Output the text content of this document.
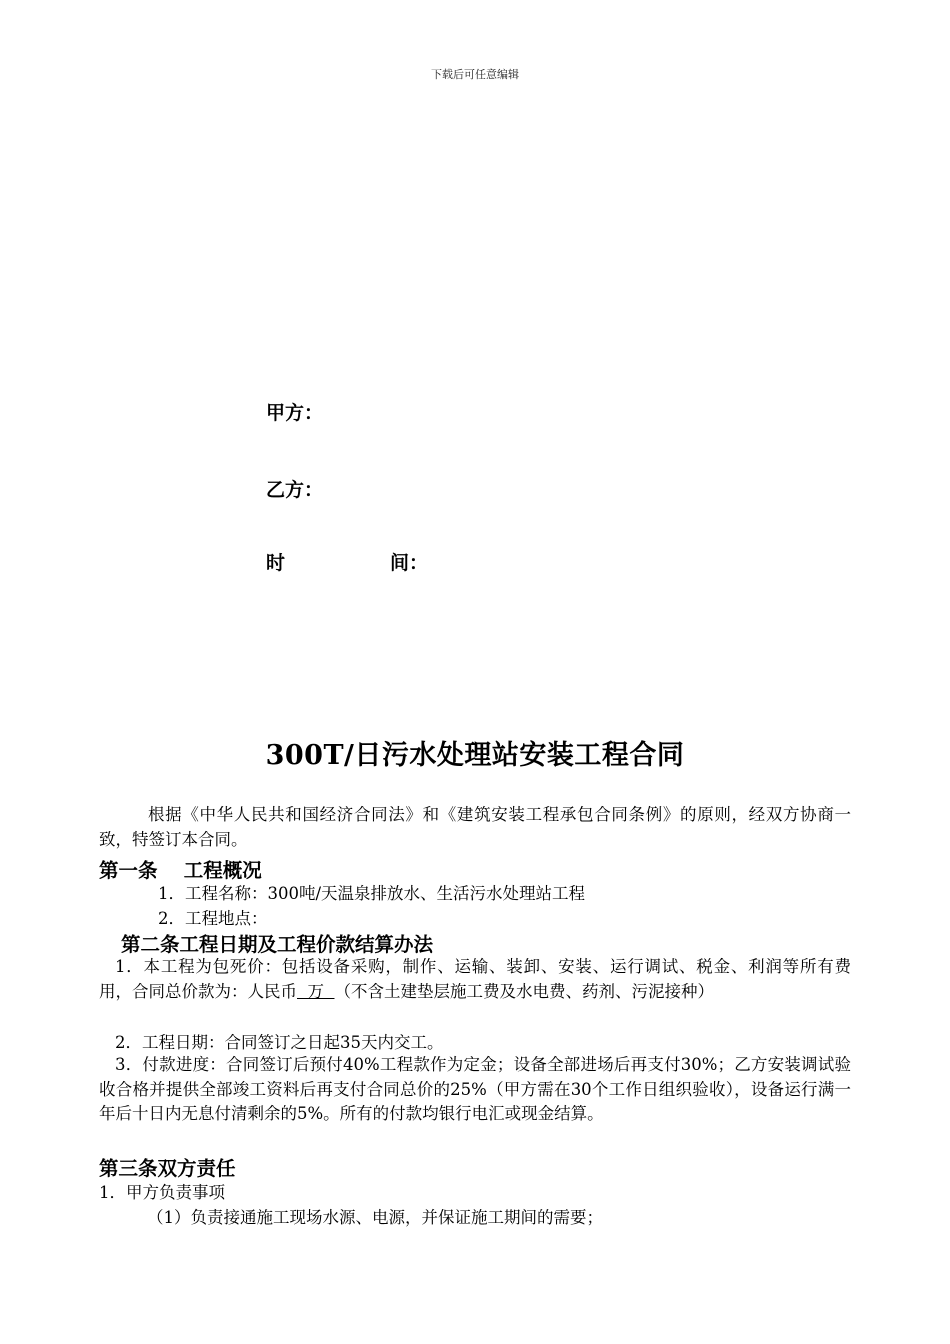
下载后可任意编辑
甲方：
乙方：
时	间：
300T/日污水处理站安装工程合同
根据《中华人民共和国经济合同法》和《建筑安装工程承包合同条例》的原则，经双方协商一致，特签订本合同。
第一条　 工程概况
1．工程名称：300吨/天温泉排放水、生活污水处理站工程
2．工程地点：
第二条工程日期及工程价款结算办法
1．本工程为包死价：包括设备采购，制作、运输、装卸、安装、运行调试、税金、利润等所有费用，合同总价款为：人民币  万  （不含土建垫层施工费及水电费、药剂、污泥接种）
2．工程日期：合同签订之日起35天内交工。
3．付款进度：合同签订后预付40%工程款作为定金；设备全部进场后再支付30%；乙方安装调试验收合格并提供全部竣工资料后再支付合同总价的25%（甲方需在30个工作日组织验收），设备运行满一年后十日内无息付清剩余的5%。所有的付款均银行电汇或现金结算。
第三条双方责任
1．甲方负责事项
（1）负责接通施工现场水源、电源，并保证施工期间的需要；
